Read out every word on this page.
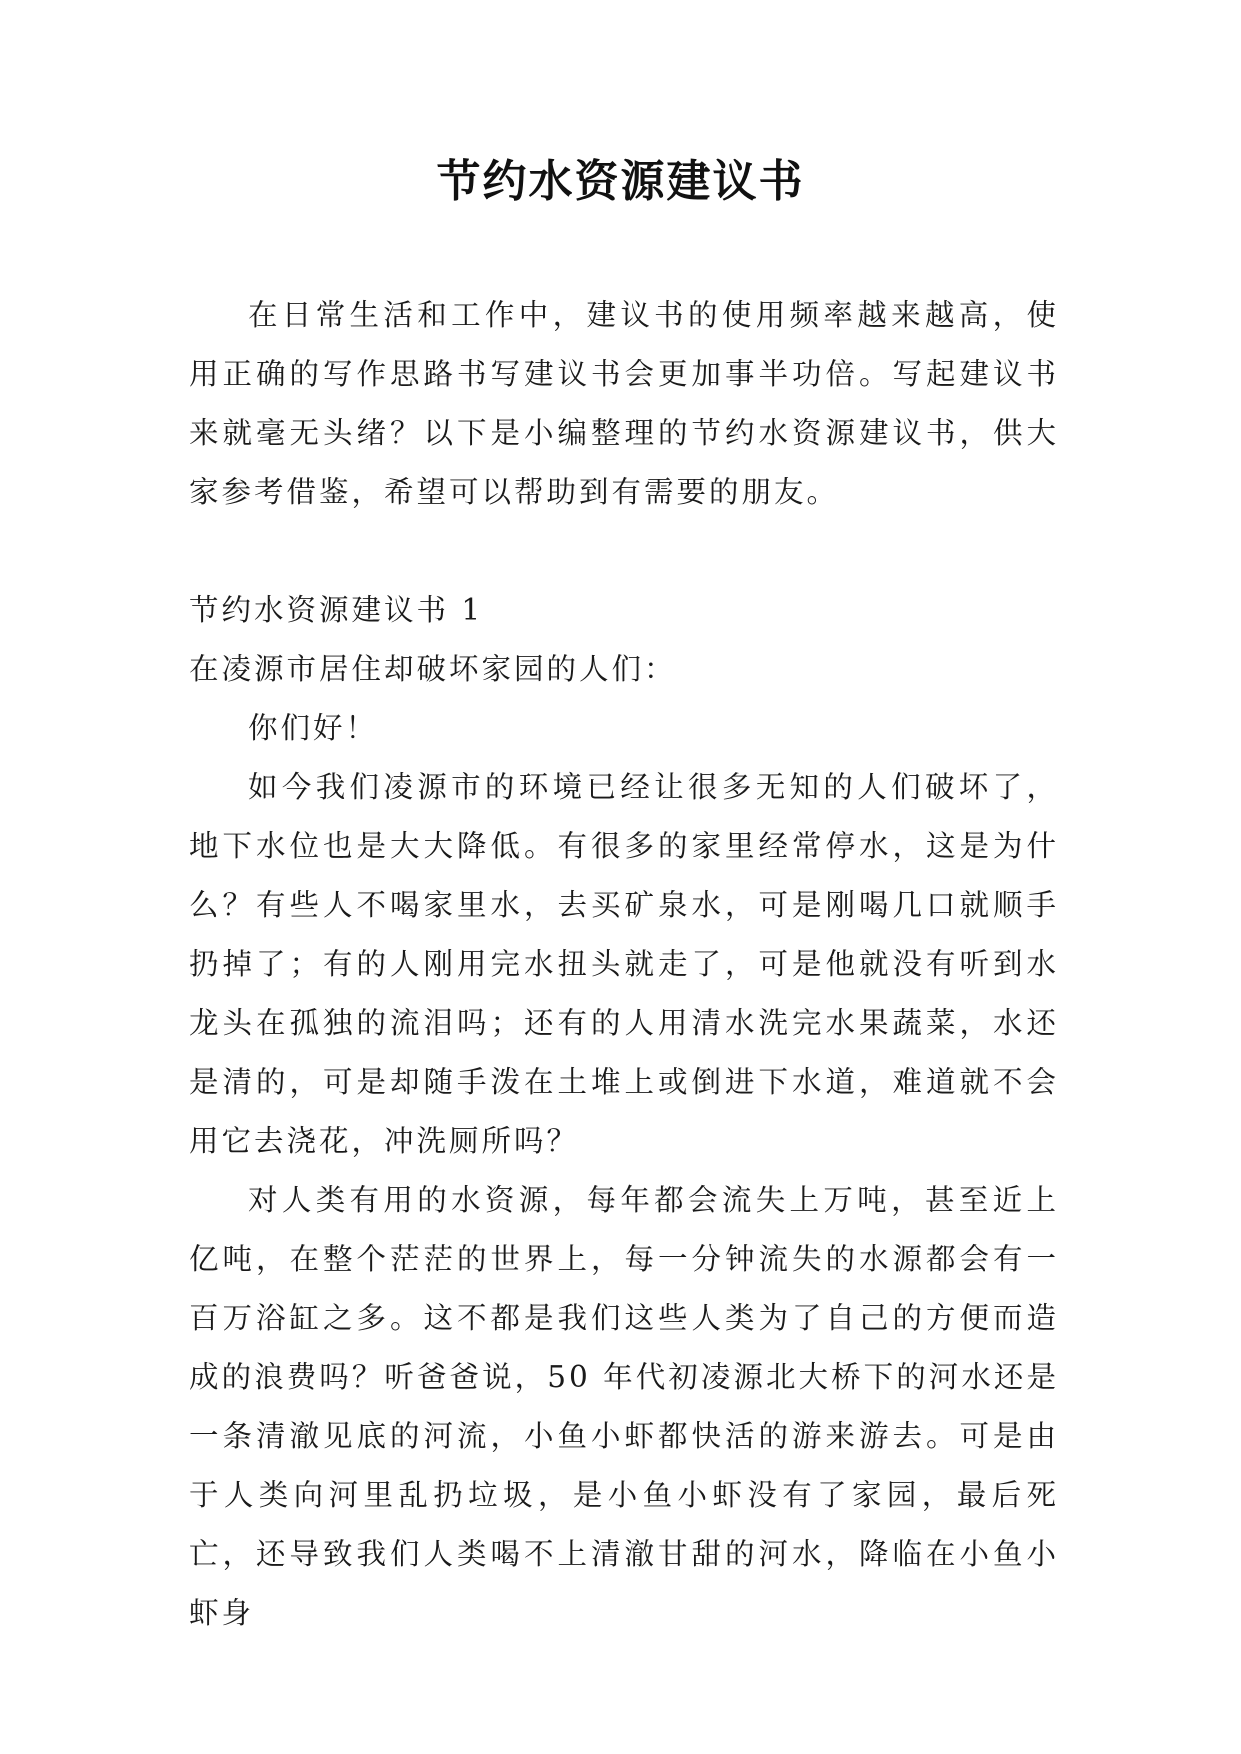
节约水资源建议书

在日常生活和工作中，建议书的使用频率越来越高，使用正确的写作思路书写建议书会更加事半功倍。写起建议书来就毫无头绪？以下是小编整理的节约水资源建议书，供大家参考借鉴，希望可以帮助到有需要的朋友。

节约水资源建议书 1

在凌源市居住却破坏家园的人们：

你们好！

如今我们凌源市的环境已经让很多无知的人们破坏了，地下水位也是大大降低。有很多的家里经常停水，这是为什么？有些人不喝家里水，去买矿泉水，可是刚喝几口就顺手扔掉了；有的人刚用完水扭头就走了，可是他就没有听到水龙头在孤独的流泪吗；还有的人用清水洗完水果蔬菜，水还是清的，可是却随手泼在土堆上或倒进下水道，难道就不会用它去浇花，冲洗厕所吗？

对人类有用的水资源，每年都会流失上万吨，甚至近上亿吨，在整个茫茫的世界上，每一分钟流失的水源都会有一百万浴缸之多。这不都是我们这些人类为了自己的方便而造成的浪费吗？听爸爸说，50 年代初凌源北大桥下的河水还是一条清澈见底的河流，小鱼小虾都快活的游来游去。可是由于人类向河里乱扔垃圾，是小鱼小虾没有了家园，最后死亡，还导致我们人类喝不上清澈甘甜的河水，降临在小鱼小虾身
